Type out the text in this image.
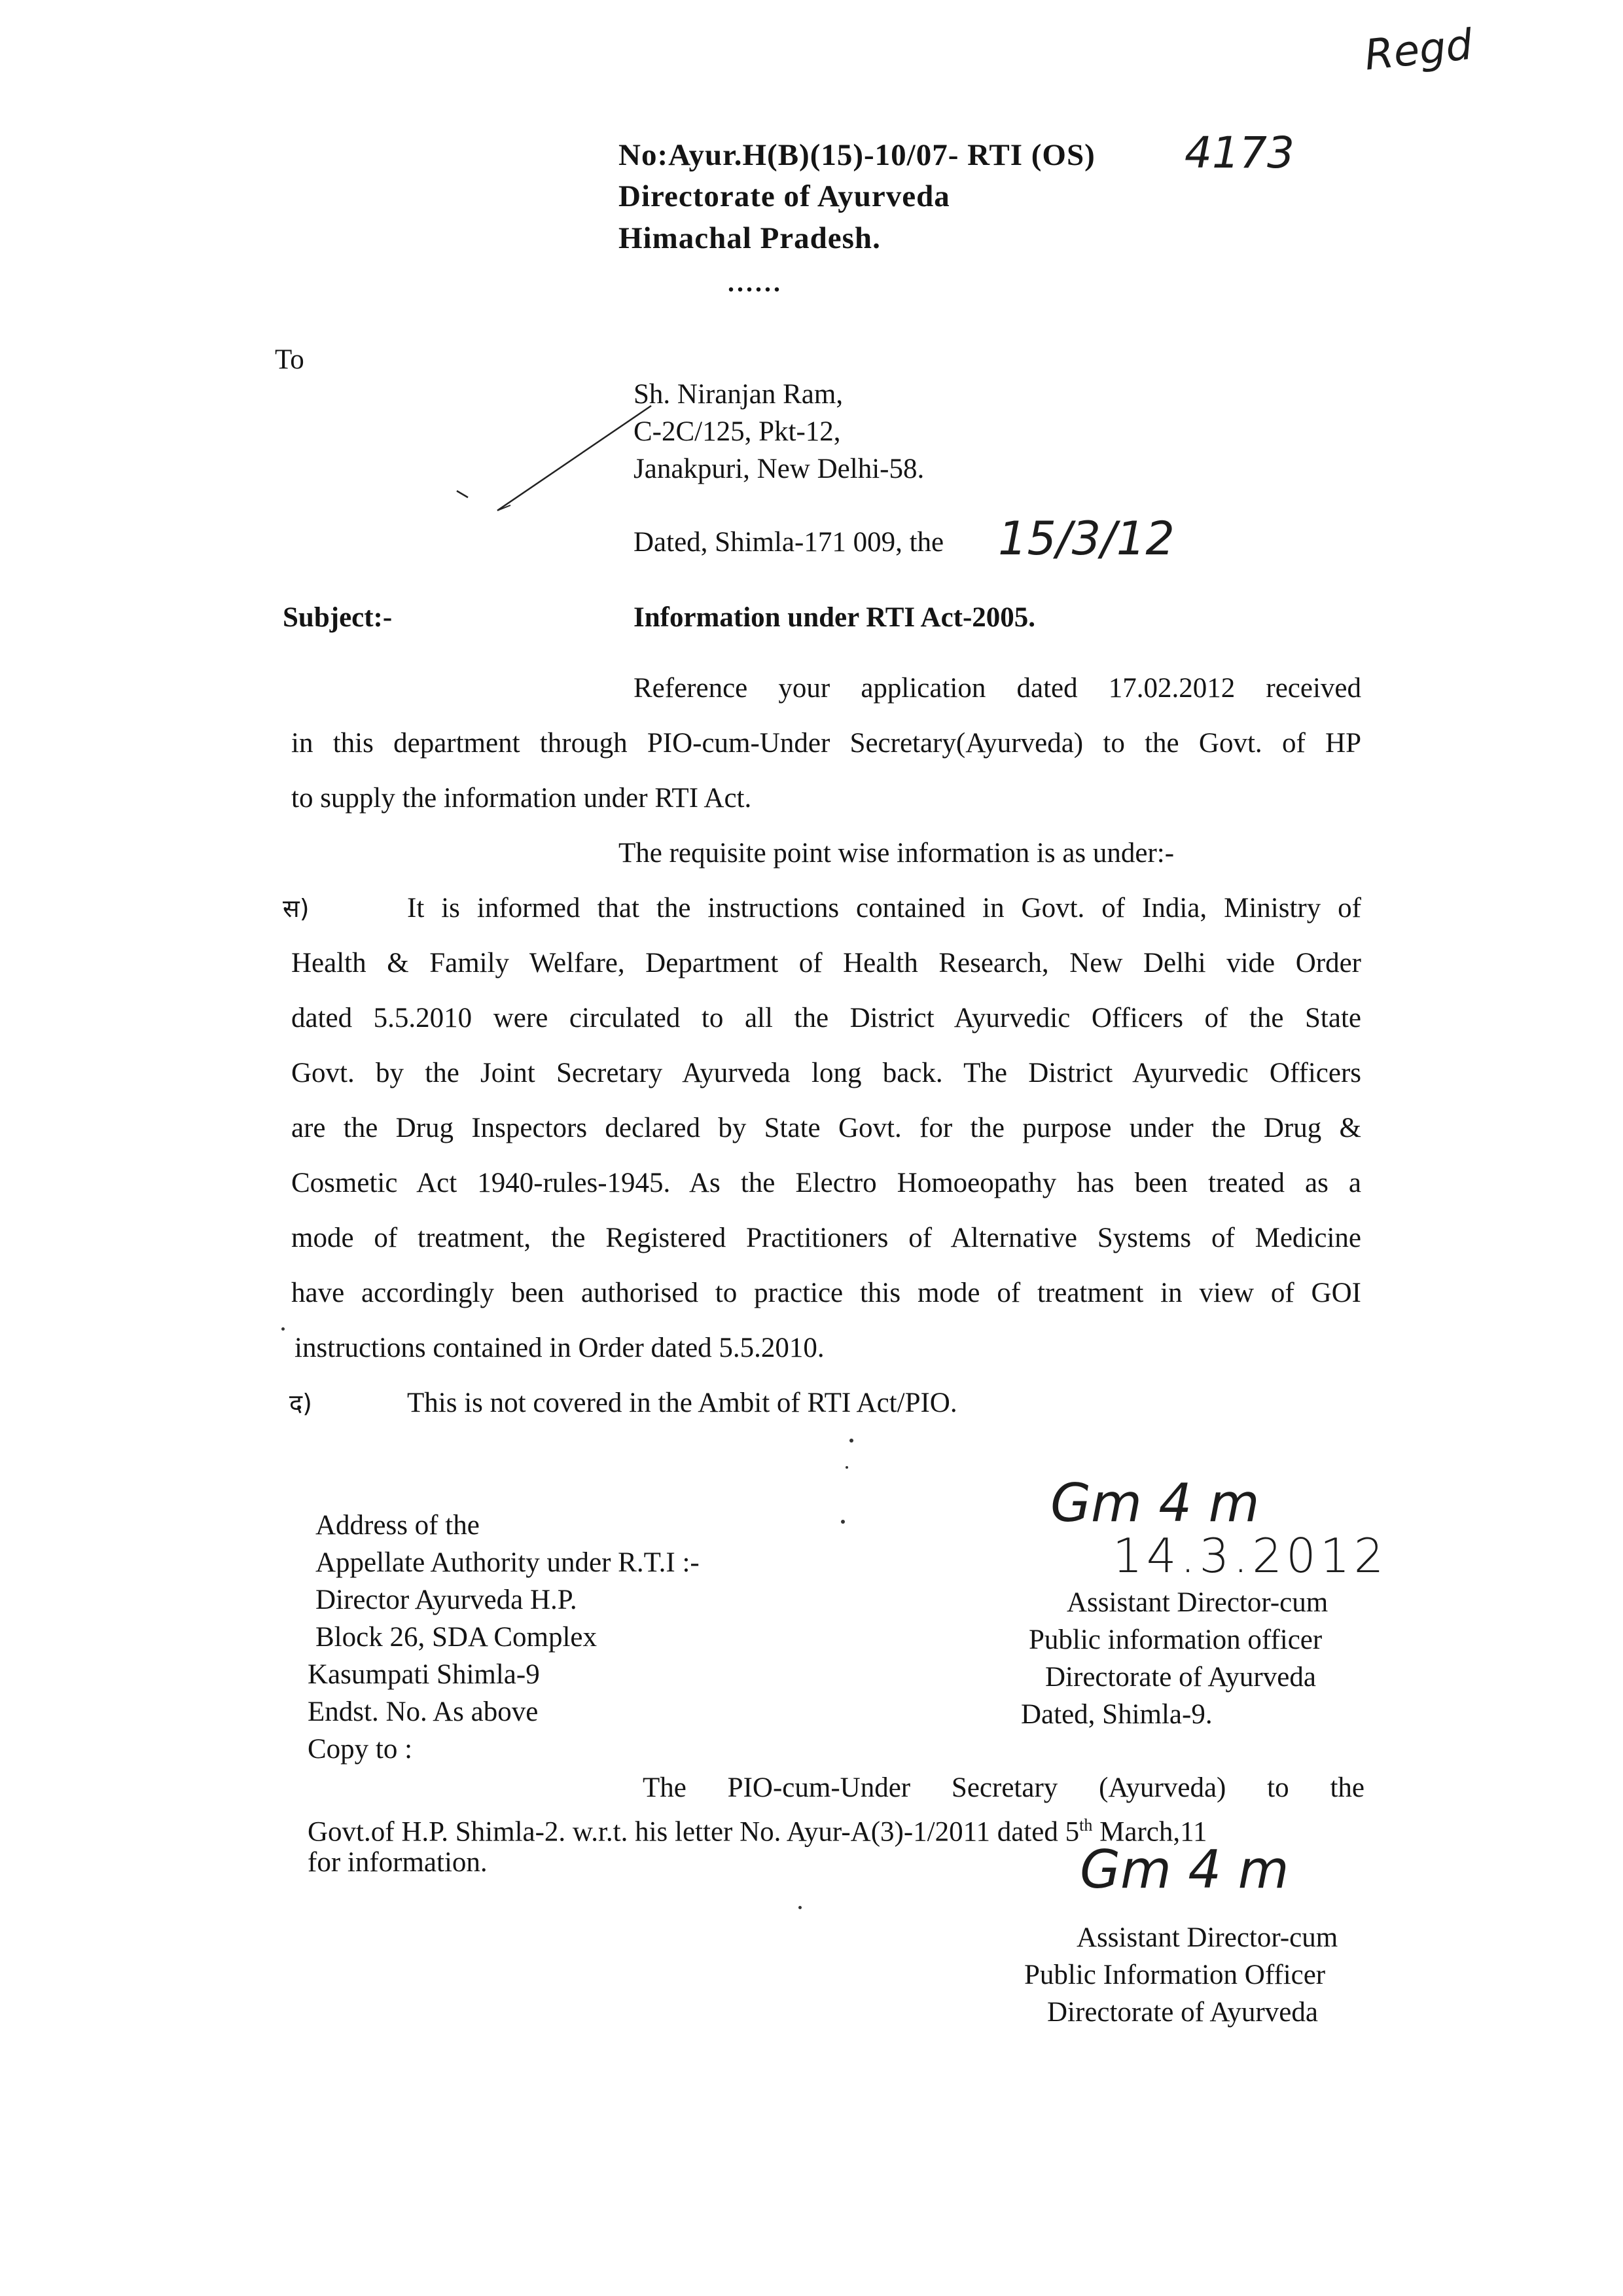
Regd
No:Ayur.H(B)(15)-10/07- RTI (OS) 4173
Directorate of Ayurveda
Himachal Pradesh.
......
To
Sh. Niranjan Ram,
C-2C/125, Pkt-12,
Janakpuri, New Delhi-58.
Dated, Shimla-171 009, the 15/3/12
Subject:-	Information under RTI Act-2005.
Reference your application dated 17.02.2012 received
in this department through PIO-cum-Under Secretary(Ayurveda) to the Govt. of HP
to supply the information under RTI Act.
The requisite point wise information is as under:-
स)	It is informed that the instructions contained in Govt. of India, Ministry of
Health & Family Welfare, Department of Health Research, New Delhi vide Order
dated 5.5.2010 were circulated to all the District Ayurvedic Officers of the State
Govt. by the Joint Secretary Ayurveda long back. The District Ayurvedic Officers
are the Drug Inspectors declared by State Govt. for the purpose under the Drug &
Cosmetic Act 1940-rules-1945. As the Electro Homoeopathy has been treated as a
mode of treatment, the Registered Practitioners of Alternative Systems of Medicine
have accordingly been authorised to practice this mode of treatment in view of GOI
instructions contained in Order dated 5.5.2010.
द)	This is not covered in the Ambit of RTI Act/PIO.
Address of the
Appellate Authority under R.T.I :-
Director Ayurveda H.P.
Block 26, SDA Complex
Kasumpati Shimla-9
Endst. No. As above
Copy to :
Gm 4 m
14.3.2012
Assistant Director-cum
Public information officer
Directorate of Ayurveda
Dated, Shimla-9.
The PIO-cum-Under Secretary (Ayurveda) to the
Govt.of H.P. Shimla-2. w.r.t. his letter No. Ayur-A(3)-1/2011 dated 5th March,11
for information.	Gm 4 m
Assistant Director-cum
Public Information Officer
Directorate of Ayurveda
